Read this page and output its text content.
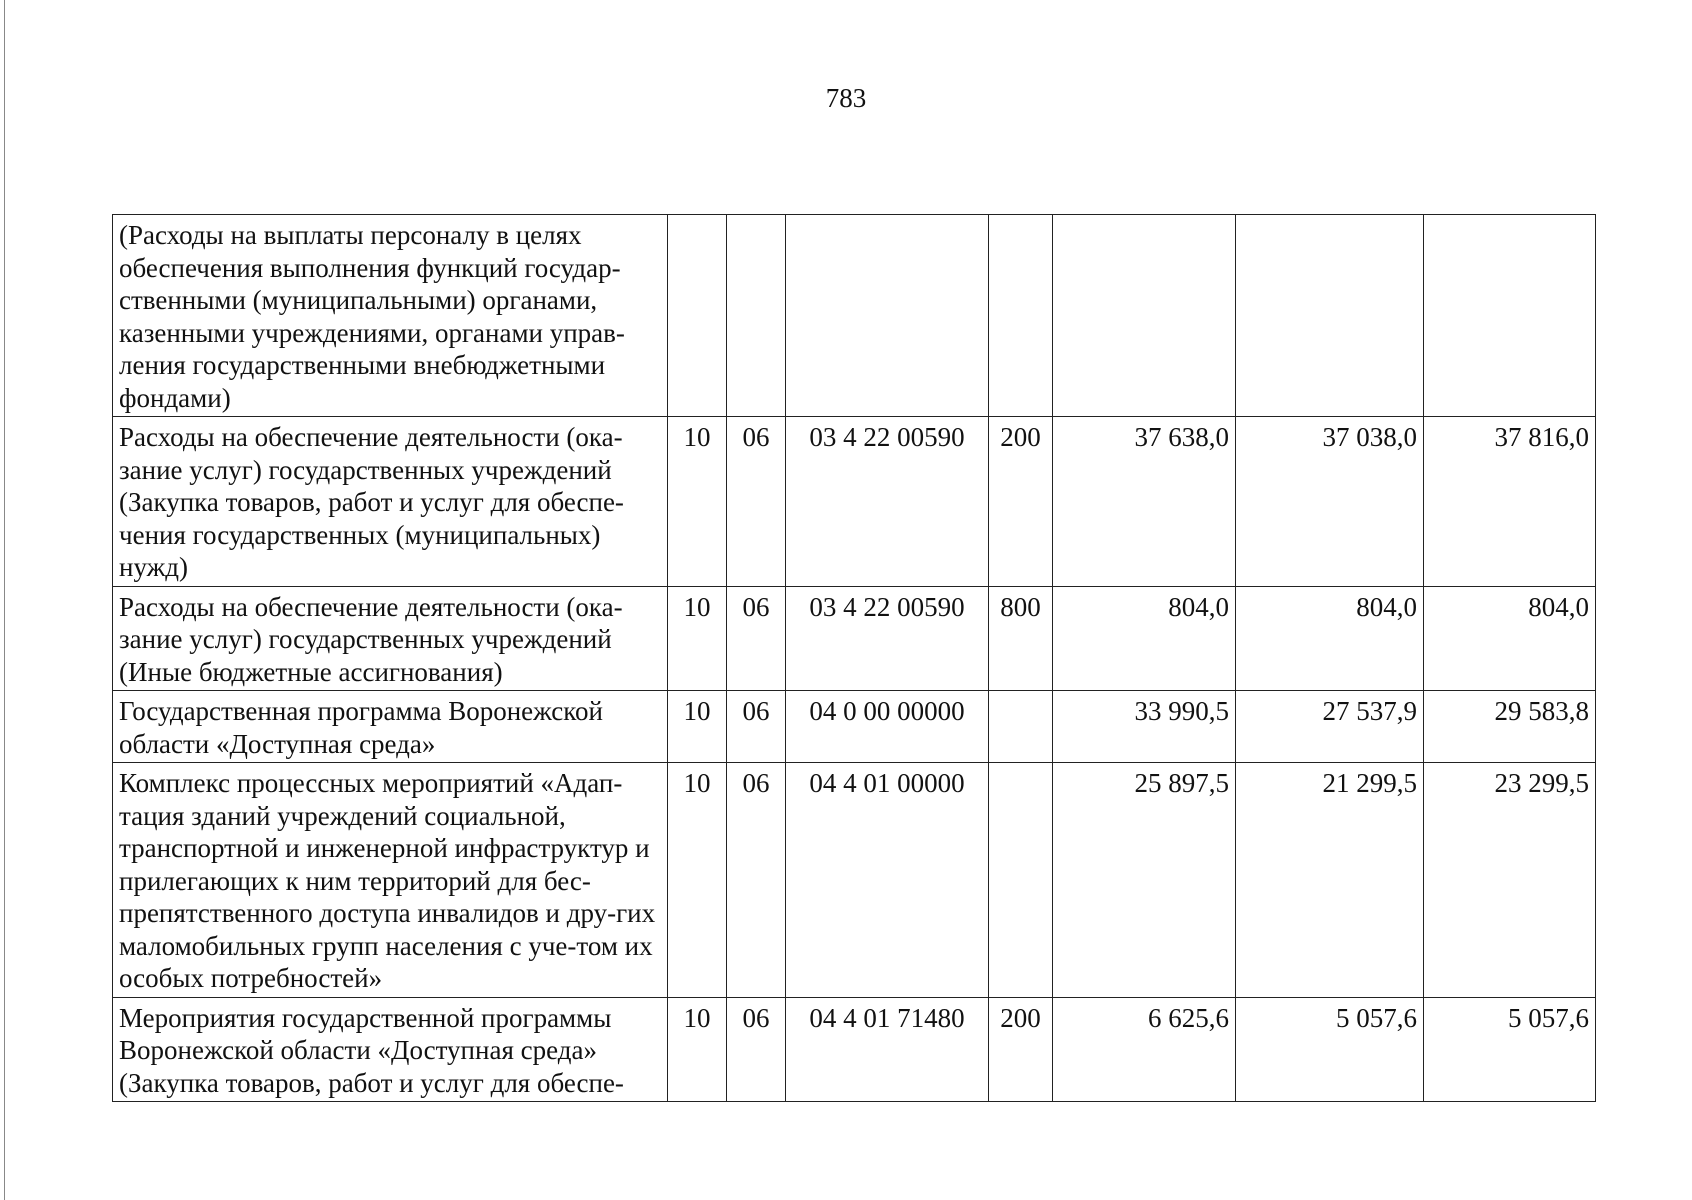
783
(Расходы на выплаты персоналу в целях обеспечения выполнения функций государ-ственными (муниципальными) органами, казенными учреждениями, органами управ-ления государственными внебюджетными фондами)							
Расходы на обеспечение деятельности (ока-зание услуг) государственных учреждений (Закупка товаров, работ и услуг для обеспе-чения государственных (муниципальных) нужд)	10	06	03 4 22 00590	200	37 638,0	37 038,0	37 816,0
Расходы на обеспечение деятельности (ока-зание услуг) государственных учреждений (Иные бюджетные ассигнования)	10	06	03 4 22 00590	800	804,0	804,0	804,0
Государственная программа Воронежской области «Доступная среда»	10	06	04 0 00 00000		33 990,5	27 537,9	29 583,8
Комплекс процессных мероприятий «Адап-тация зданий учреждений социальной, транспортной и инженерной инфраструктур и прилегающих к ним территорий для бес-препятственного доступа инвалидов и дру-гих маломобильных групп населения с уче-том их особых потребностей»	10	06	04 4 01 00000		25 897,5	21 299,5	23 299,5
Мероприятия государственной программы Воронежской области «Доступная среда» (Закупка товаров, работ и услуг для обеспе-	10	06	04 4 01 71480	200	6 625,6	5 057,6	5 057,6
